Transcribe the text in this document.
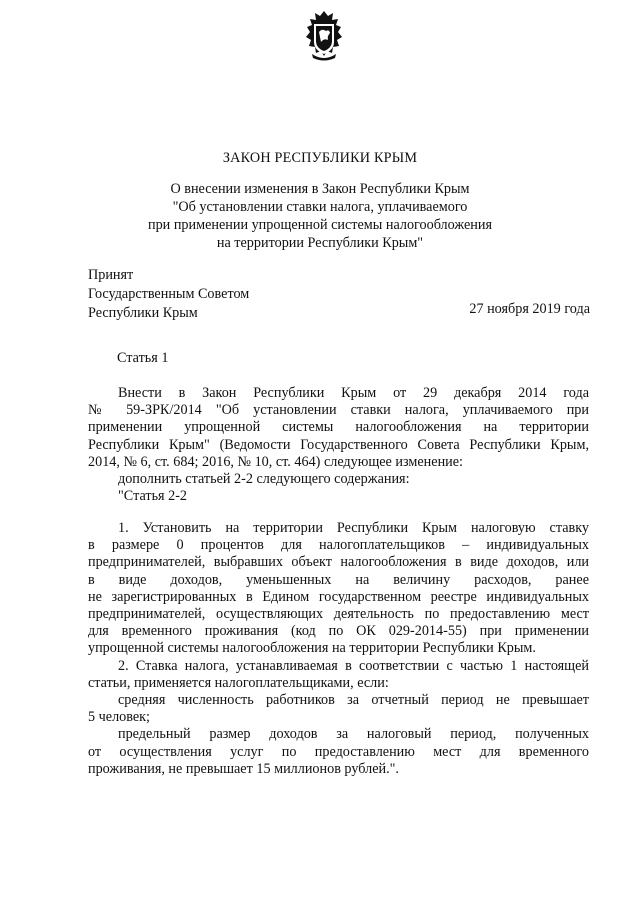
ЗАКОН РЕСПУБЛИКИ КРЫМ
О внесении изменения в Закон Республики Крым
"Об установлении ставки налога, уплачиваемого
при применении упрощенной системы налогообложения
на территории Республики Крым"
Принят
Государственным Советом
Республики Крым	27 ноября 2019 года
Статья 1
Внести в Закон Республики Крым от 29 декабря 2014 года
№ 59-ЗРК/2014 "Об установлении ставки налога, уплачиваемого при
применении упрощенной системы налогообложения на территории
Республики Крым" (Ведомости Государственного Совета Республики Крым,
2014, № 6, ст. 684; 2016, № 10, ст. 464) следующее изменение:
дополнить статьей 2-2 следующего содержания:
"Статья 2-2
1. Установить на территории Республики Крым налоговую ставку
в размере 0 процентов для налогоплательщиков – индивидуальных
предпринимателей, выбравших объект налогообложения в виде доходов, или
в виде доходов, уменьшенных на величину расходов, ранее
не зарегистрированных в Едином государственном реестре индивидуальных
предпринимателей, осуществляющих деятельность по предоставлению мест
для временного проживания (код по ОК 029-2014-55) при применении
упрощенной системы налогообложения на территории Республики Крым.
2. Ставка налога, устанавливаемая в соответствии с частью 1 настоящей
статьи, применяется налогоплательщиками, если:
средняя численность работников за отчетный период не превышает
5 человек;
предельный размер доходов за налоговый период, полученных
от осуществления услуг по предоставлению мест для временного
проживания, не превышает 15 миллионов рублей.".
